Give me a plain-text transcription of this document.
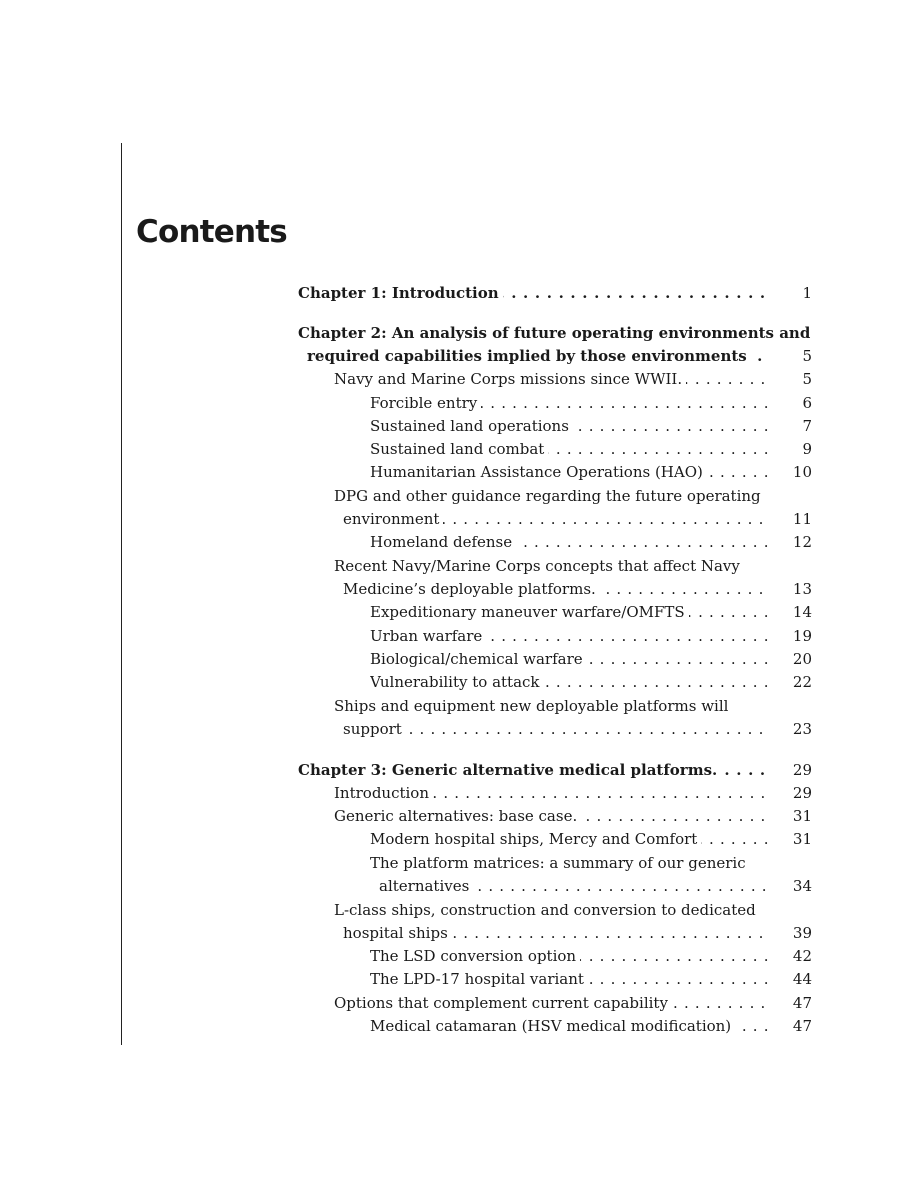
Contents
Chapter 1: Introduction . . .	1
Chapter 2: An analysis of future operating environments and
required capabilities implied by those environments . . .	5
Navy and Marine Corps missions since WWII. . . .	5
Forcible entry . . .	6
Sustained land operations . . .	7
Sustained land combat . . .	9
Humanitarian Assistance Operations (HAO) . . .	10
DPG and other guidance regarding the future operating
environment . . .	11
Homeland defense . . .	12
Recent Navy/Marine Corps concepts that affect Navy
Medicine’s deployable platforms. . . .	13
Expeditionary maneuver warfare/OMFTS . . .	14
Urban warfare . . .	19
Biological/chemical warfare . . .	20
Vulnerability to attack . . .	22
Ships and equipment new deployable platforms will
support . . .	23
Chapter 3: Generic alternative medical platforms. . . .	29
Introduction . . .	29
Generic alternatives: base case. . . .	31
Modern hospital ships, Mercy and Comfort . . .	31
The platform matrices: a summary of our generic
alternatives . . .	34
L-class ships, construction and conversion to dedicated
hospital ships . . .	39
The LSD conversion option . . .	42
The LPD-17 hospital variant . . .	44
Options that complement current capability . . .	47
Medical catamaran (HSV medical modification) . . .	47
